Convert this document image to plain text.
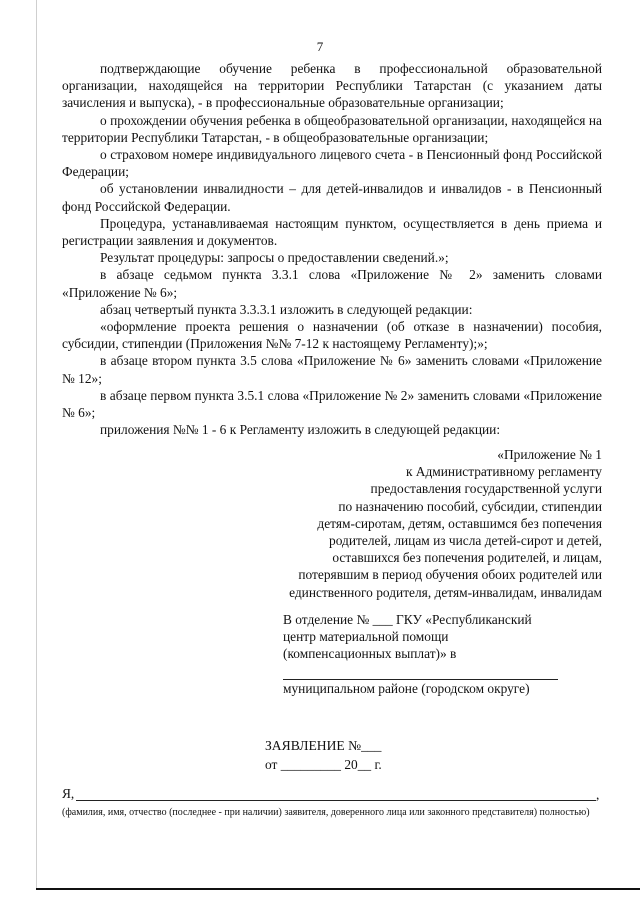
7

подтверждающие обучение ребенка в профессиональной образовательной организации, находящейся на территории Республики Татарстан (с указанием даты зачисления и выпуска), - в профессиональные образовательные организации;

о прохождении обучения ребенка в общеобразовательной организации, находящейся на территории Республики Татарстан, - в общеобразовательные организации;

о страховом номере индивидуального лицевого счета - в Пенсионный фонд Российской Федерации;

об установлении инвалидности – для детей-инвалидов и инвалидов - в Пенсионный фонд Российской Федерации.

Процедура, устанавливаемая настоящим пунктом, осуществляется в день приема и регистрации заявления и документов.

Результат процедуры: запросы о предоставлении сведений.»;

в абзаце седьмом пункта 3.3.1 слова «Приложение № 2» заменить словами «Приложение № 6»;

абзац четвертый пункта 3.3.3.1 изложить в следующей редакции:

«оформление проекта решения о назначении (об отказе в назначении) пособия, субсидии, стипендии (Приложения №№ 7-12 к настоящему Регламенту);»;

в абзаце втором пункта 3.5 слова «Приложение № 6» заменить словами «Приложение № 12»;

в абзаце первом пункта 3.5.1 слова «Приложение № 2» заменить словами «Приложение № 6»;

приложения №№ 1 - 6 к Регламенту изложить в следующей редакции:

«Приложение № 1
к Административному регламенту
предоставления государственной услуги
по назначению пособий, субсидии, стипендии
детям-сиротам, детям, оставшимся без попечения
родителей, лицам из числа детей-сирот и детей,
оставшихся без попечения родителей, и лицам,
потерявшим в период обучения обоих родителей или
единственного родителя, детям-инвалидам, инвалидам
В отделение № ___ ГКУ «Республиканский
центр материальной помощи
(компенсационных выплат)» в
муниципальном районе (городском округе)
ЗАЯВЛЕНИЕ №___
от _________ 20__ г.
Я,	,
(фамилия, имя, отчество (последнее - при наличии) заявителя, доверенного лица или законного представителя) полностью)
